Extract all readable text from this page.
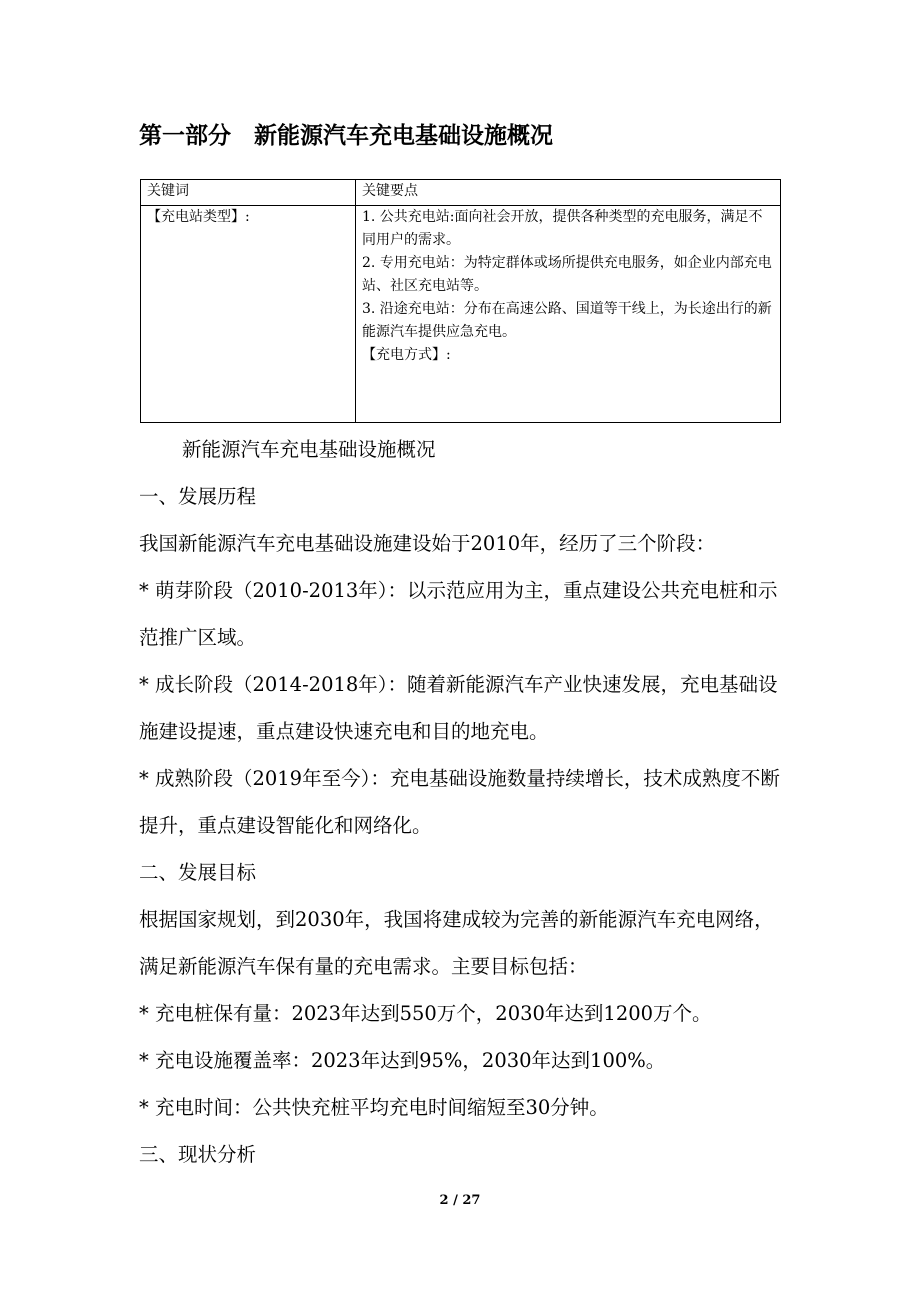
第一部分　新能源汽车充电基础设施概况
关键词	关键要点
【充电站类型】:	1. 公共充电站:面向社会开放，提供各种类型的充电服务，满足不同用户的需求。

2. 专用充电站：为特定群体或场所提供充电服务，如企业内部充电站、社区充电站等。

3. 沿途充电站：分布在高速公路、国道等干线上，为长途出行的新能源汽车提供应急充电。

【充电方式】:

新能源汽车充电基础设施概况

一、发展历程

我国新能源汽车充电基础设施建设始于2010年，经历了三个阶段：

* 萌芽阶段（2010-2013年）：以示范应用为主，重点建设公共充电桩和示范推广区域。

* 成长阶段（2014-2018年）：随着新能源汽车产业快速发展，充电基础设施建设提速，重点建设快速充电和目的地充电。

* 成熟阶段（2019年至今）：充电基础设施数量持续增长，技术成熟度不断提升，重点建设智能化和网络化。

二、发展目标

根据国家规划，到2030年，我国将建成较为完善的新能源汽车充电网络，满足新能源汽车保有量的充电需求。主要目标包括：

* 充电桩保有量：2023年达到550万个，2030年达到1200万个。

* 充电设施覆盖率：2023年达到95%，2030年达到100%。

* 充电时间：公共快充桩平均充电时间缩短至30分钟。

三、现状分析

2 / 27
